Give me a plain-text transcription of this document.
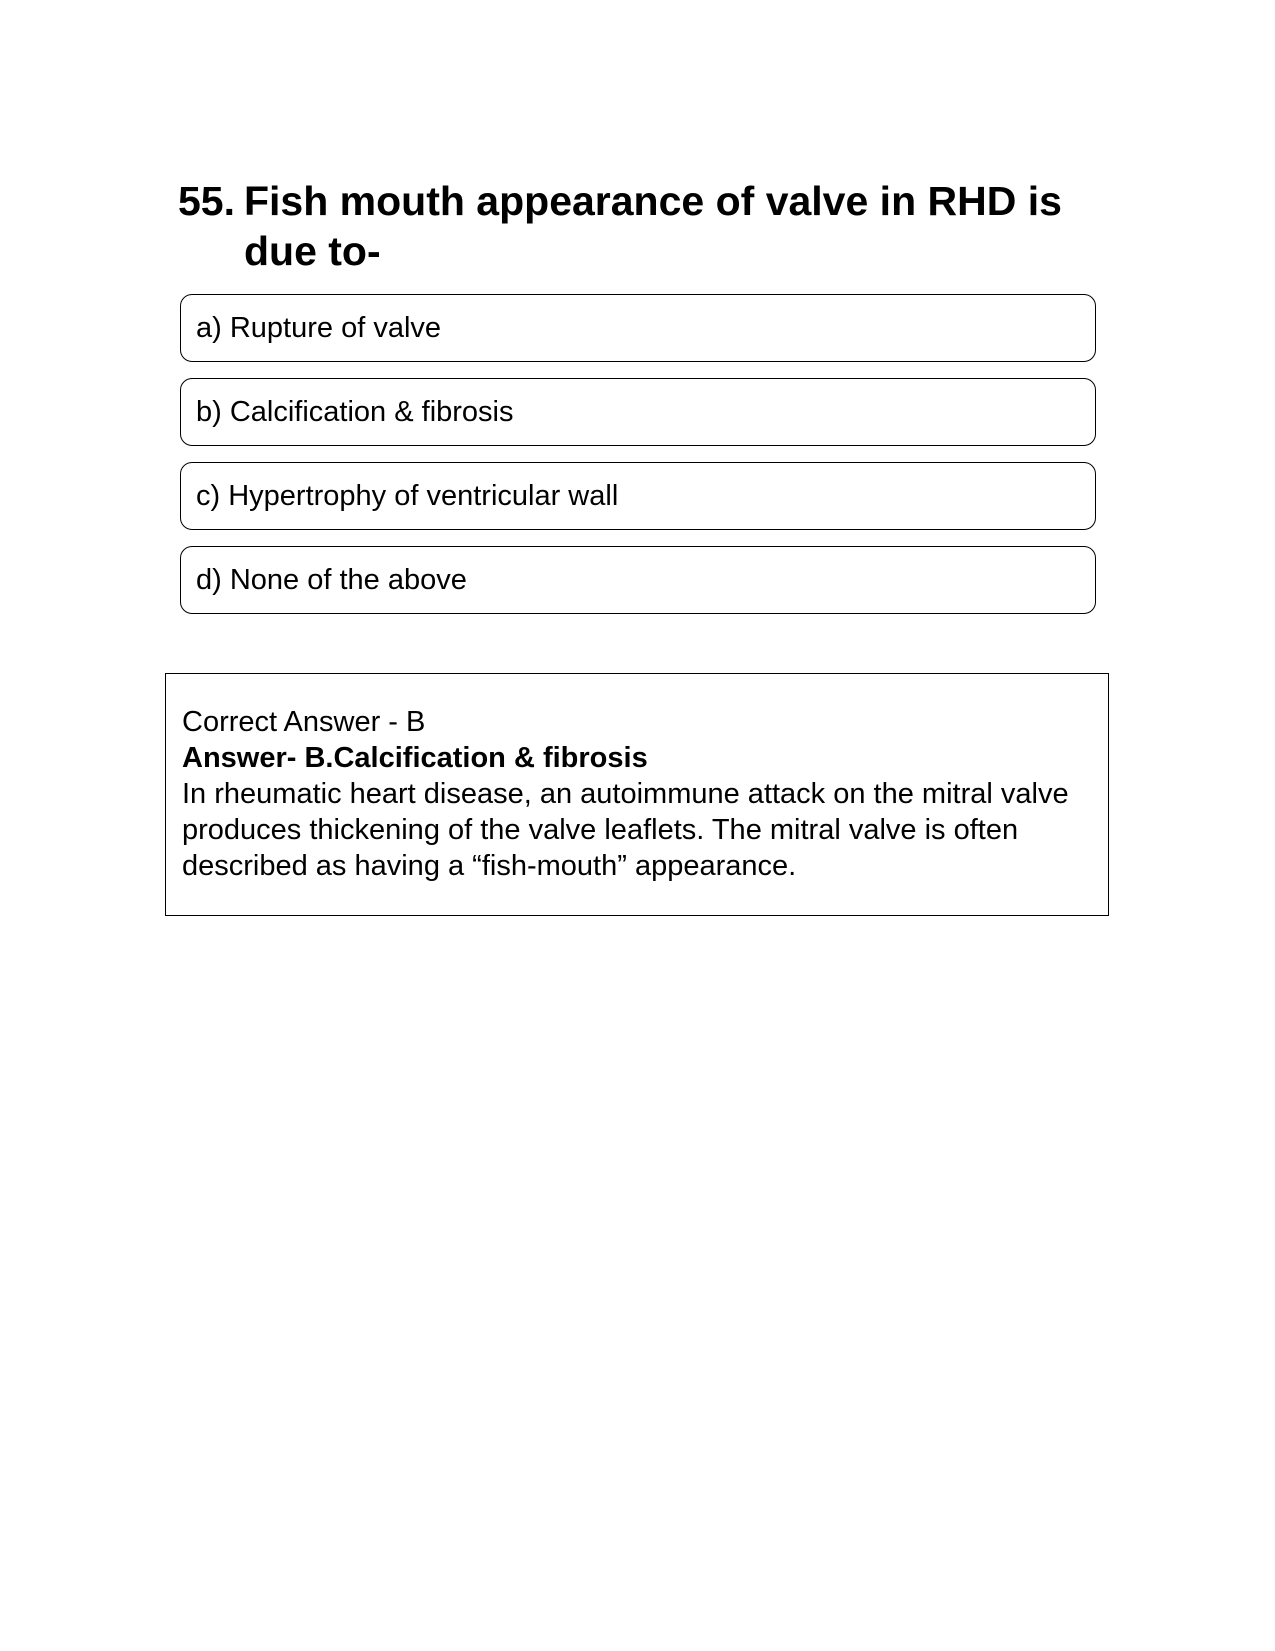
55. Fish mouth appearance of valve in RHD is due to-
a) Rupture of valve
b) Calcification & fibrosis
c) Hypertrophy of ventricular wall
d) None of the above

Correct Answer - B

Answer- B.Calcification & fibrosis

In rheumatic heart disease, an autoimmune attack on the mitral valve produces thickening of the valve leaflets. The mitral valve is often described as having a “fish-mouth” appearance.
